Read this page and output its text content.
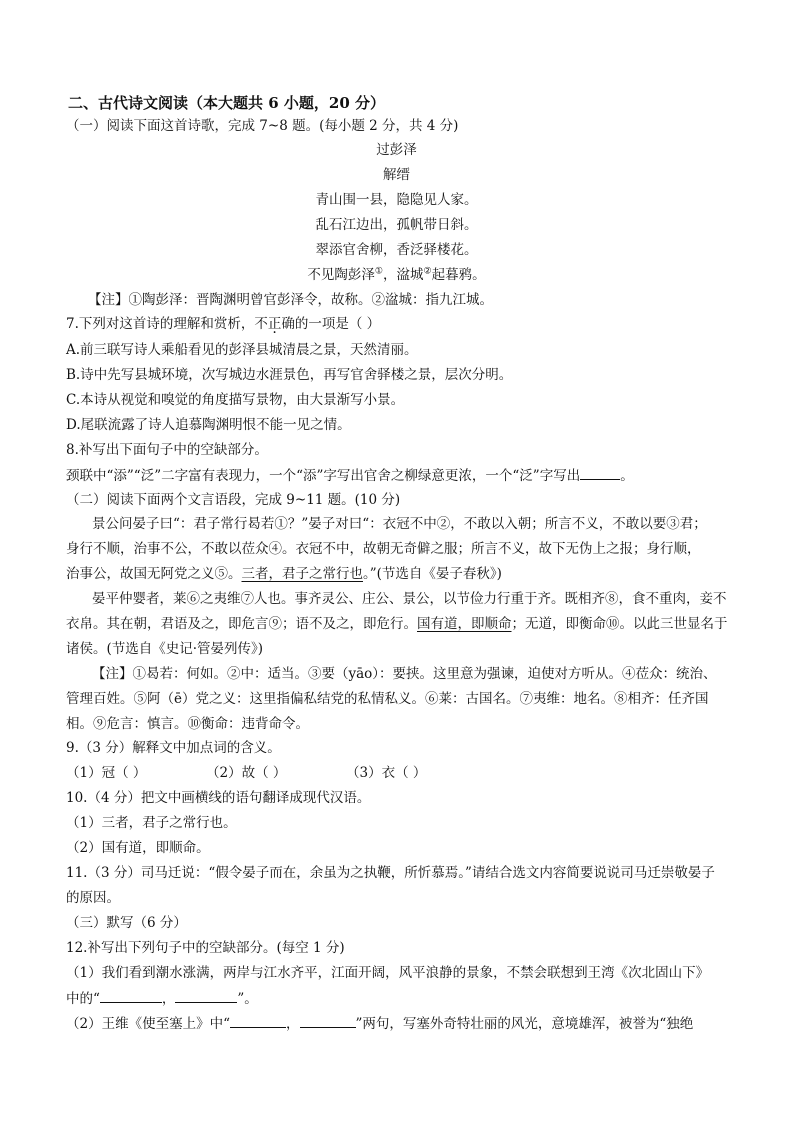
二、古代诗文阅读（本大题共 6 小题，20 分）
（一）阅读下面这首诗歌，完成 7~8 题。(每小题 2 分，共 4 分)
过彭泽
解缙
青山围一县，隐隐见人家。
乱石江边出，孤帆带日斜。
翠添官舍柳，香泛驿楼花。
不见陶彭泽①，湓城②起暮鸦。
【注】①陶彭泽：晋陶渊明曾官彭泽令，故称。②湓城：指九江城。
7.下列对这首诗的理解和赏析，不正确的一项是（ ）
A.前三联写诗人乘船看见的彭泽县城清晨之景，天然清丽。
B.诗中先写县城环境，次写城边水涯景色，再写官舍驿楼之景，层次分明。
C.本诗从视觉和嗅觉的角度描写景物，由大景渐写小景。
D.尾联流露了诗人追慕陶渊明恨不能一见之情。
8.补写出下面句子中的空缺部分。
颈联中“添”“泛”二字富有表现力，一个“添”字写出官舍之柳绿意更浓，一个“泛”字写出	。
（二）阅读下面两个文言语段，完成 9~11 题。(10 分)
景公问晏子曰“：君子常行曷若①？”晏子对曰“：衣冠不中②，不敢以入朝；所言不义，不敢以要③君；
身行不顺，治事不公，不敢以莅众④。衣冠不中，故朝无奇僻之服；所言不义，故下无伪上之报；身行顺，
治事公，故国无阿党之义⑤。三者，君子之常行也。”(节选自《晏子春秋》)
晏平仲婴者，莱⑥之夷维⑦人也。事齐灵公、庄公、景公，以节俭力行重于齐。既相齐⑧，食不重肉，妾不
衣帛。其在朝，君语及之，即危言⑨；语不及之，即危行。国有道，即顺命；无道，即衡命⑩。以此三世显名于
诸侯。(节选自《史记·管晏列传》)
【注】①曷若：何如。②中：适当。③要（yāo）：要挟。这里意为强谏，迫使对方听从。④莅众：统治、
管理百姓。⑤阿（ē）党之义：这里指偏私结党的私情私义。⑥莱：古国名。⑦夷维：地名。⑧相齐：任齐国
相。⑨危言：慎言。⑩衡命：违背命令。
9.（3 分）解释文中加点词的含义。
（1）冠（ ）	（2）故（ ）	（3）衣（ ）
10.（4 分）把文中画横线的语句翻译成现代汉语。
（1）三者，君子之常行也。
（2）国有道，即顺命。
11.（3 分）司马迁说：“假令晏子而在，余虽为之执鞭，所忻慕焉。”请结合选文内容简要说说司马迁崇敬晏子
的原因。
（三）默写（6 分）
12.补写出下列句子中的空缺部分。(每空 1 分)
（1）我们看到潮水涨满，两岸与江水齐平，江面开阔，风平浪静的景象，不禁会联想到王湾《次北固山下》
中的“	，	”。
（2）王维《使至塞上》中“	，	”两句，写塞外奇特壮丽的风光，意境雄浑，被誉为“独绝
